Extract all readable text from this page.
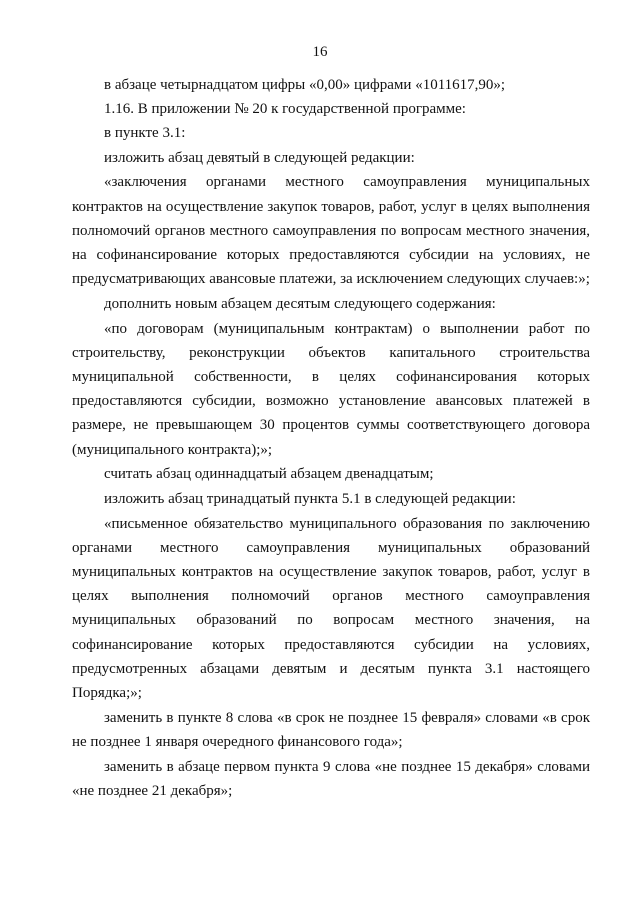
16

в абзаце четырнадцатом цифры «0,00» цифрами «1011617,90»;

1.16. В приложении № 20 к государственной программе:

в пункте 3.1:

изложить абзац девятый в следующей редакции:

«заключения органами местного самоуправления муниципальных контрактов на осуществление закупок товаров, работ, услуг в целях выполнения полномочий органов местного самоуправления по вопросам местного значения, на софинансирование которых предоставляются субсидии на условиях, не предусматривающих авансовые платежи, за исключением следующих случаев:»;

дополнить новым абзацем десятым следующего содержания:

«по договорам (муниципальным контрактам) о выполнении работ по строительству, реконструкции объектов капитального строительства муниципальной собственности, в целях софинансирования которых предоставляются субсидии, возможно установление авансовых платежей в размере, не превышающем 30 процентов суммы соответствующего договора (муниципального контракта);»;

считать абзац одиннадцатый абзацем двенадцатым;

изложить абзац тринадцатый пункта 5.1 в следующей редакции:

«письменное обязательство муниципального образования по заключению органами местного самоуправления муниципальных образований муниципальных контрактов на осуществление закупок товаров, работ, услуг в целях выполнения полномочий органов местного самоуправления муниципальных образований по вопросам местного значения, на софинансирование которых предоставляются субсидии на условиях, предусмотренных абзацами девятым и десятым пункта 3.1 настоящего Порядка;»;

заменить в пункте 8 слова «в срок не позднее 15 февраля» словами «в срок не позднее 1 января очередного финансового года»;

заменить в абзаце первом пункта 9 слова «не позднее 15 декабря» словами «не позднее 21 декабря»;
